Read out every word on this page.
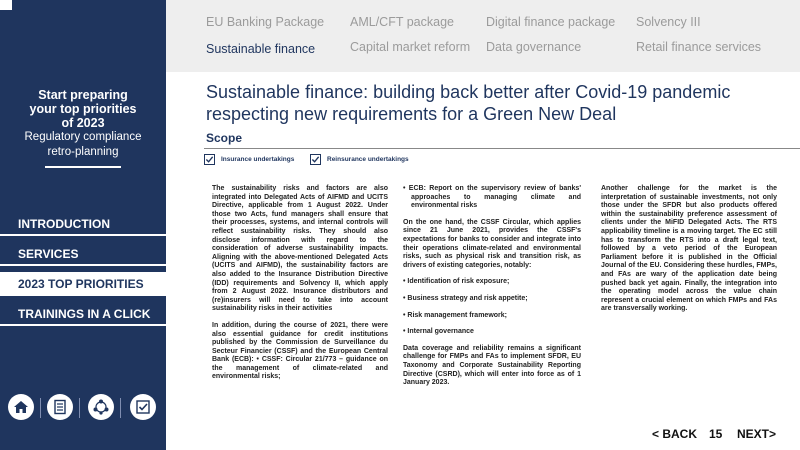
Start preparing
your top priorities
of 2023
Regulatory compliance
retro-planning
INTRODUCTION
SERVICES
2023 TOP PRIORITIES
TRAININGS IN A CLICK
EU Banking Package AML/CFT package	Digital finance package Solvency III
Sustainable finance	Capital market reform Data governance	Retail finance services
Sustainable finance: building back better after Covid-19 pandemic respecting new requirements for a Green New Deal
Scope
Insurance undertakings	Reinsurance undertakings

The sustainability risks and factors are also integrated into Delegated Acts of AIFMD and UCITS Directive, applicable from 1 August 2022. Under those two Acts, fund managers shall ensure that their processes, systems, and internal controls will reflect sustainability risks. They should also disclose information with regard to the consideration of adverse sustainability impacts. Aligning with the above-mentioned Delegated Acts (UCITS and AIFMD), the sustainability factors are also added to the Insurance Distribution Directive (IDD) requirements and Solvency II, which apply from 2 August 2022. Insurance distributors and (re)insurers will need to take into account sustainability risks in their activities

In addition, during the course of 2021, there were also essential guidance for credit institutions published by the Commission de Surveillance du Secteur Financier (CSSF) and the European Central Bank (ECB): • CSSF: Circular 21/773 – guidance on the management of climate-related and environmental risks;

• ECB: Report on the supervisory review of banks' approaches to managing climate and environmental risks

On the one hand, the CSSF Circular, which applies since 21 June 2021, provides the CSSF's expectations for banks to consider and integrate into their operations climate-related and environmental risks, such as physical risk and transition risk, as drivers of existing categories, notably:

• Identification of risk exposure;

• Business strategy and risk appetite;

• Risk management framework;

• Internal governance

Data coverage and reliability remains a significant challenge for FMPs and FAs to implement SFDR, EU Taxonomy and Corporate Sustainability Reporting Directive (CSRD), which will enter into force as of 1 January 2023.

Another challenge for the market is the interpretation of sustainable investments, not only those under the SFDR but also products offered within the sustainability preference assessment of clients under the MiFID Delegated Acts. The RTS applicability timeline is a moving target. The EC still has to transform the RTS into a draft legal text, followed by a veto period of the European Parliament before it is published in the Official Journal of the EU. Considering these hurdles, FMPs, and FAs are wary of the application date being pushed back yet again. Finally, the integration into the operating model across the value chain represent a crucial element on which FMPs and FAs are transversally working.

< BACK 15 NEXT>
